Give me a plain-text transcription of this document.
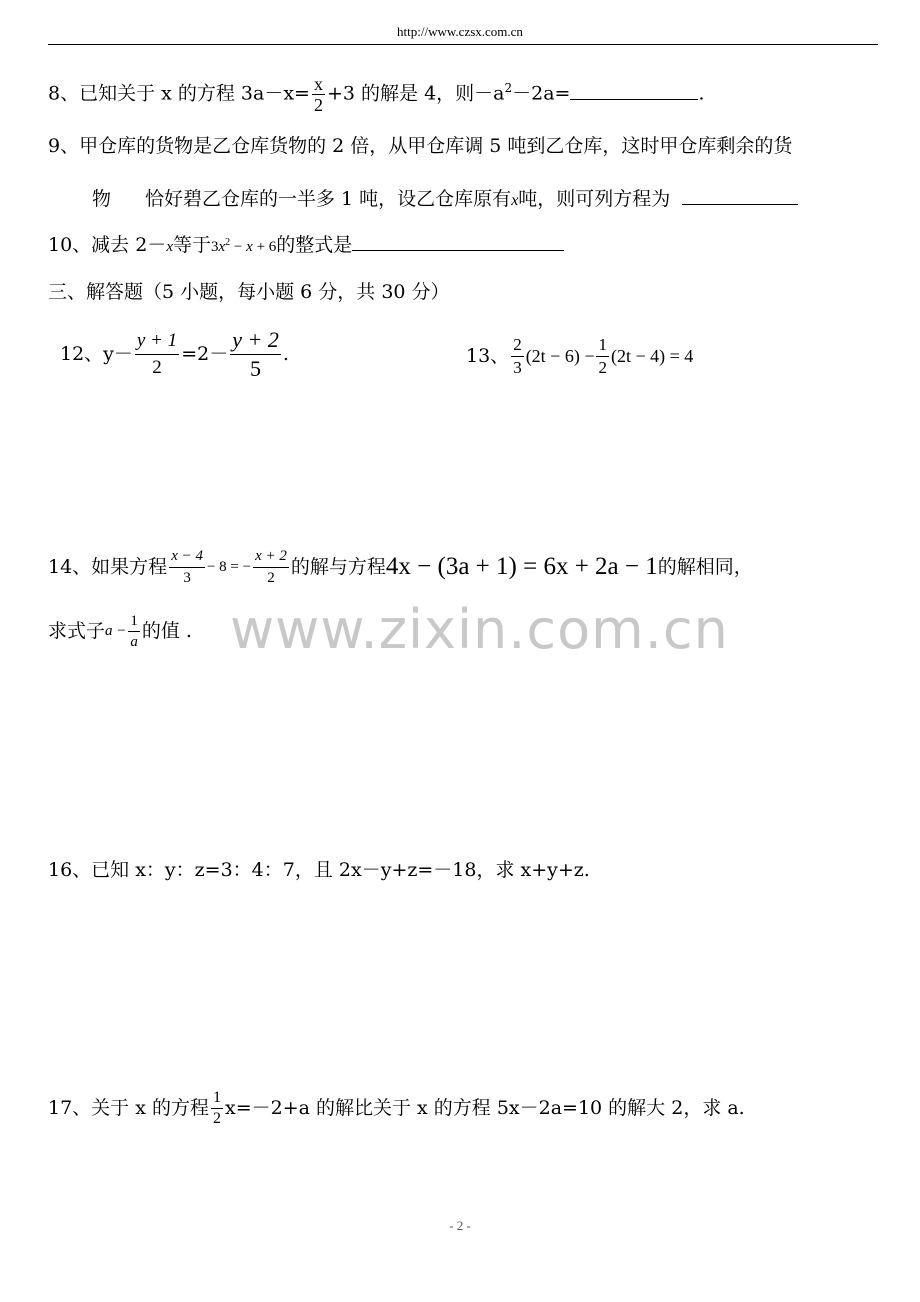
http://www.czsx.com.cn
8、已知关于 x 的方程 $3a-x= \frac{x}{2} +3$ 的解是 4，则$-a^2-2a=$	.
9、甲仓库的货物是乙仓库货物的 2 倍，从甲仓库调 5 吨到乙仓库，这时甲仓库剩余的货
物 恰好碧乙仓库的一半多 1 吨，设乙仓库原有x吨，则可列方程为
10、减去 2－x等于$3x^2 - x + 6$的整式是
三、解答题（5 小题，每小题 6 分，共 30 分）
12、$y- \frac{y + 1}{2} =2- \frac{y + 2}{5}$ .	13、 $\frac{2}{3} (2t - 6) - \frac{1}{2} (2t - 4) = 4$
14、如果方程 $\frac{x - 4}{3} - 8$ = − $\frac{x + 2}{2}$ 的解与方程 4x − (3a + 1) = 6x + 2a − 1 的解相同，
求式子 $a - \frac{1}{a}$ 的值 . www.zixin.com.cn
16、已知 x：y：z=3：4：7，且 2x－y+z=－18，求 x+y+z.
17、关于 x 的方程 $\frac{1}{2} x=-2+a$ 的解比关于 x 的方程 5x－2a=10 的解大 2，求 a.
- 2 -
